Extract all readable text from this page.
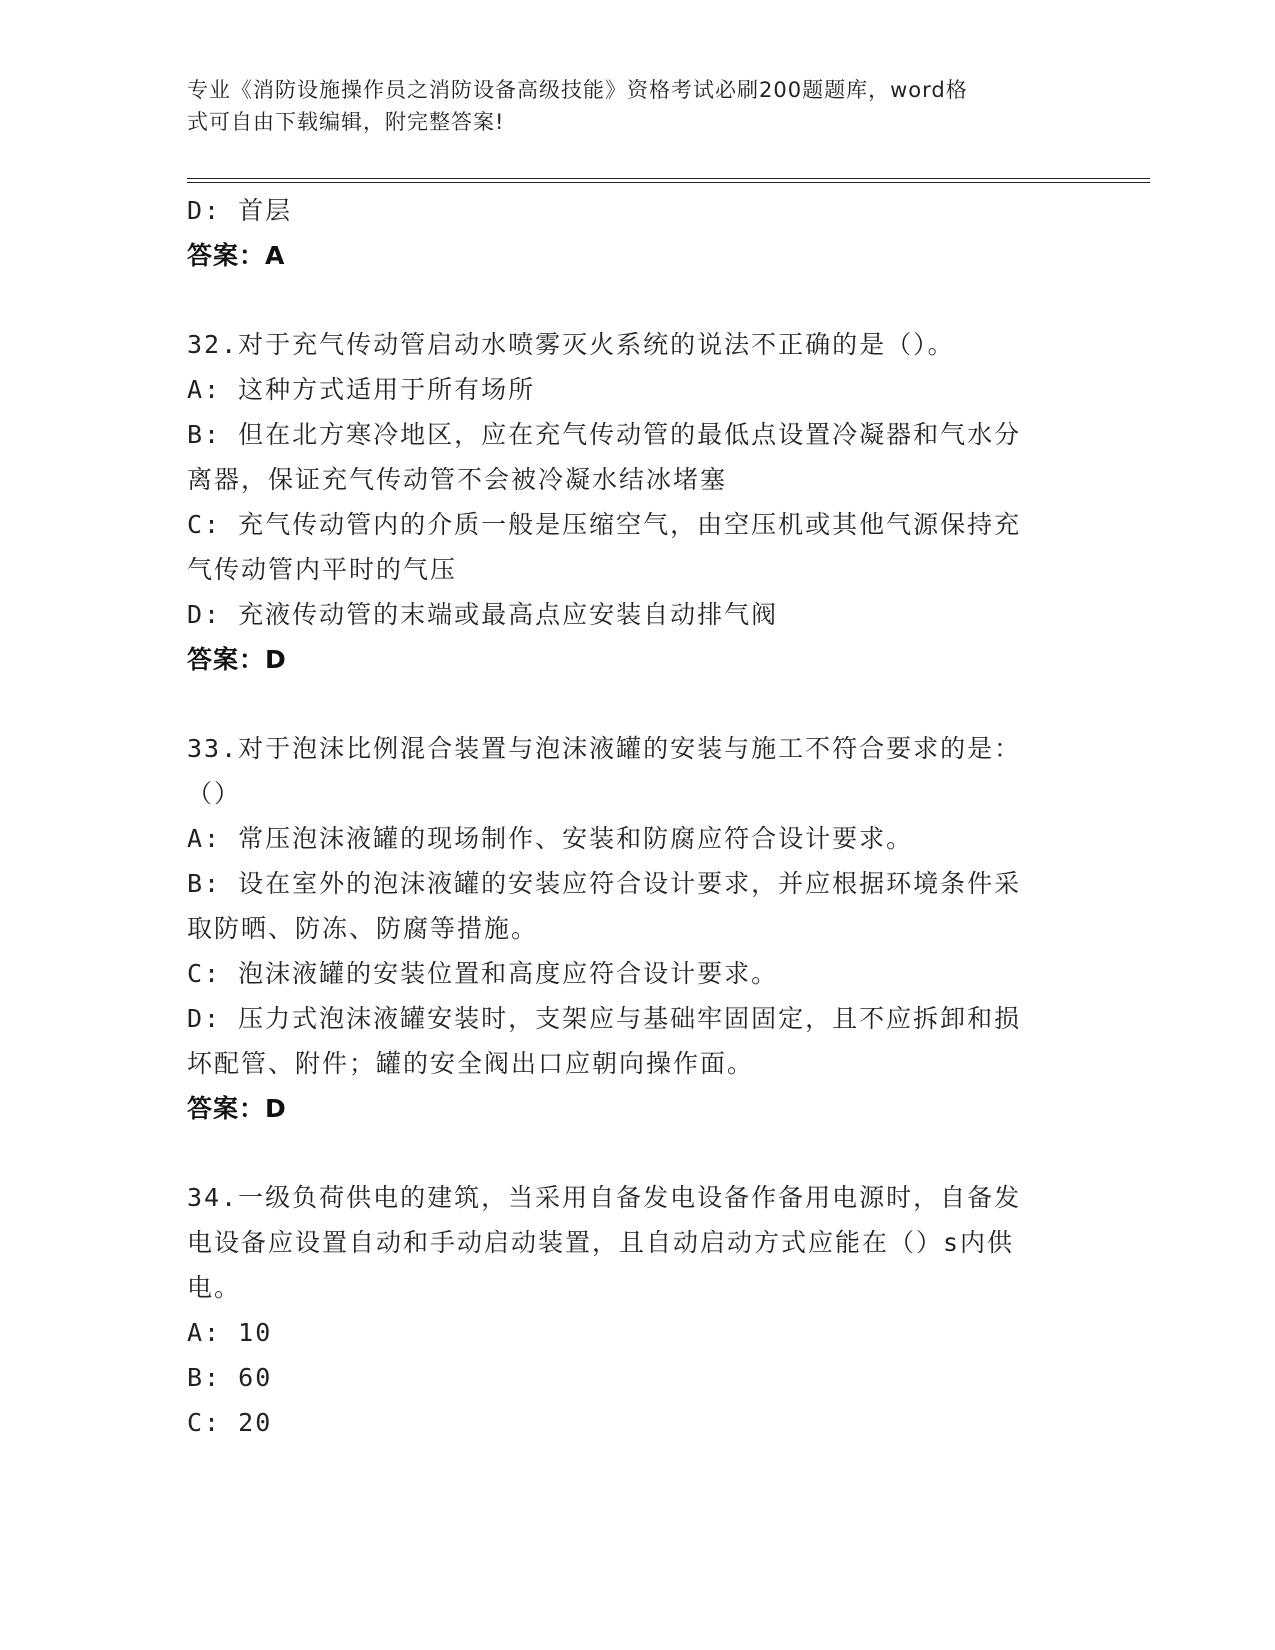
专业《消防设施操作员之消防设备高级技能》资格考试必刷200题题库，word格
式可自由下载编辑，附完整答案!
D: 首层
答案：A
32.对于充气传动管启动水喷雾灭火系统的说法不正确的是（）。
A: 这种方式适用于所有场所
B: 但在北方寒冷地区，应在充气传动管的最低点设置冷凝器和气水分
离器，保证充气传动管不会被冷凝水结冰堵塞
C: 充气传动管内的介质一般是压缩空气，由空压机或其他气源保持充
气传动管内平时的气压
D: 充液传动管的末端或最高点应安装自动排气阀
答案：D
33.对于泡沫比例混合装置与泡沫液罐的安装与施工不符合要求的是：
（）
A: 常压泡沫液罐的现场制作、安装和防腐应符合设计要求。
B: 设在室外的泡沫液罐的安装应符合设计要求，并应根据环境条件采
取防晒、防冻、防腐等措施。
C: 泡沫液罐的安装位置和高度应符合设计要求。
D: 压力式泡沫液罐安装时，支架应与基础牢固固定，且不应拆卸和损
坏配管、附件；罐的安全阀出口应朝向操作面。
答案：D
34.一级负荷供电的建筑，当采用自备发电设备作备用电源时，自备发
电设备应设置自动和手动启动装置，且自动启动方式应能在（）s内供
电。
A: 10
B: 60
C: 20
